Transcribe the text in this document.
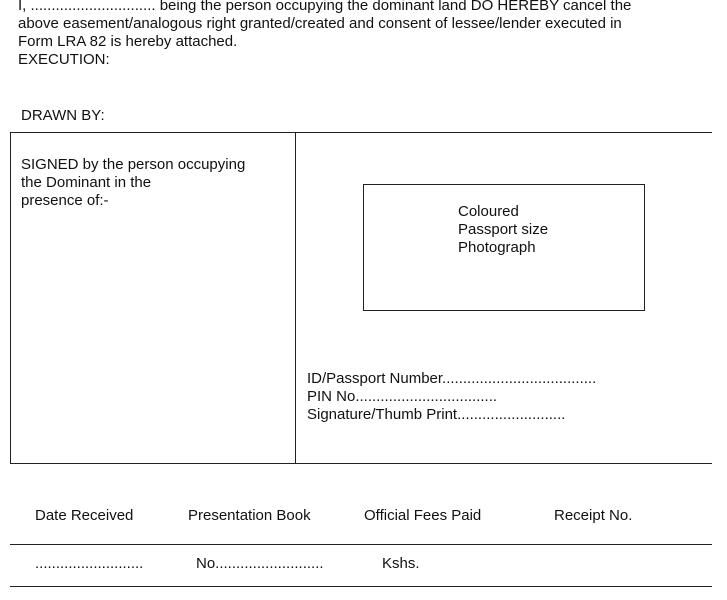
I, .............................. being the person occupying the dominant land DO HEREBY cancel the
above easement/analogous right granted/created and consent of lessee/lender executed in
Form LRA 82 is hereby attached.
EXECUTION:
DRAWN BY:
SIGNED by the person occupying
the Dominant in the
presence of:-
Coloured
Passport size
Photograph
ID/Passport Number.....................................
PIN No..................................
Signature/Thumb Print..........................
Date Received	Presentation Book	Official Fees Paid	Receipt No.
..........................	No..........................	Kshs.
